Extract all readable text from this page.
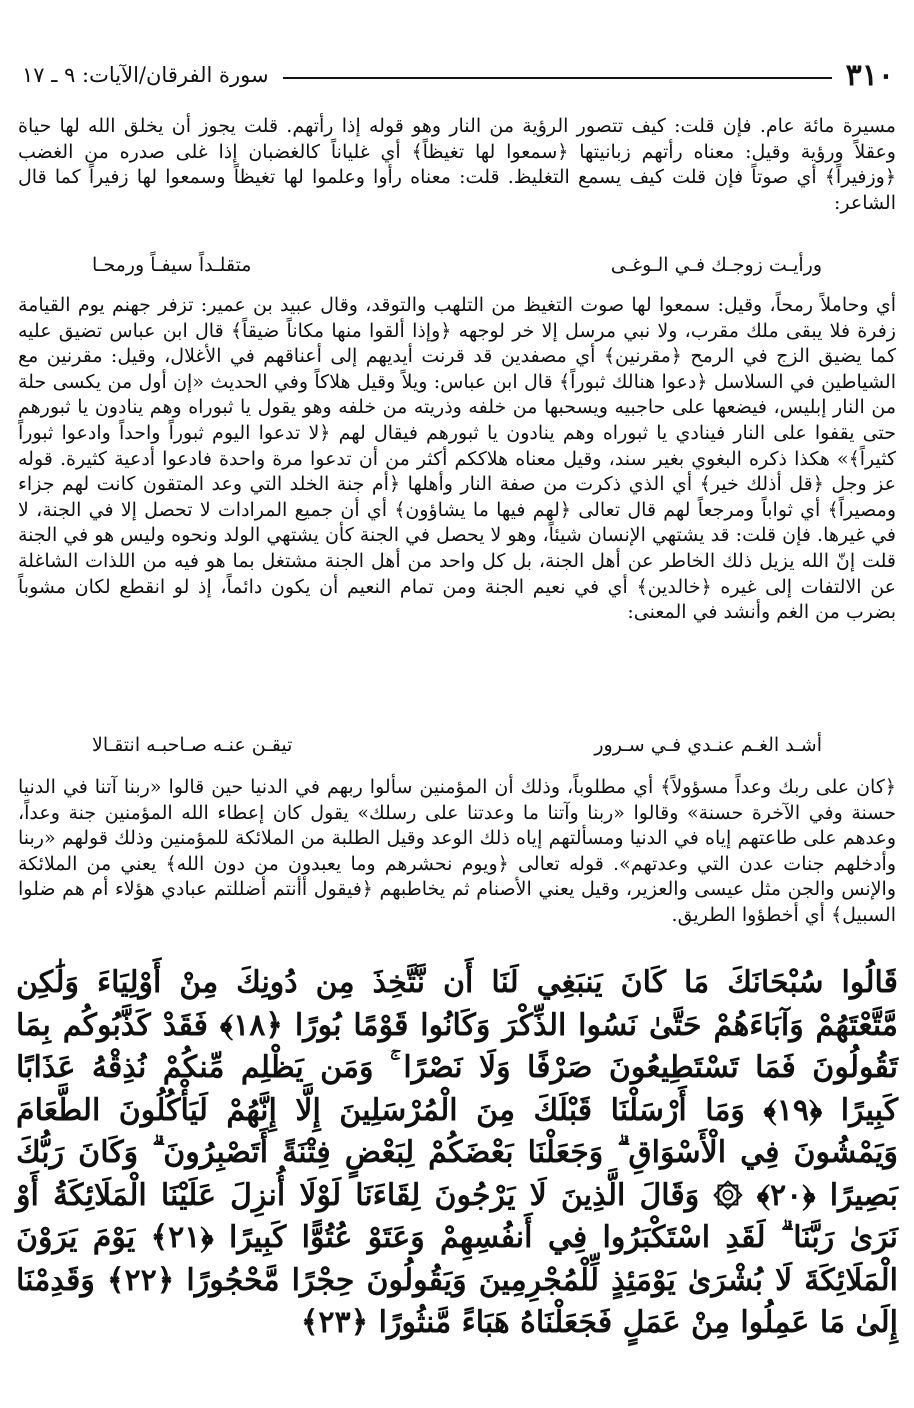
٣١٠
سورة الفرقان/الآيات: ٩ ـ ١٧

مسيرة مائة عام. فإن قلت: كيف تتصور الرؤية من النار وهو قوله إذا رأتهم. قلت يجوز أن يخلق الله لها حياة وعقلاً ورؤية وقيل: معناه رأتهم زبانيتها ﴿سمعوا لها تغيظاً﴾ أي غلياناً كالغضبان إذا غلى صدره من الغضب ﴿وزفيراً﴾ أي صوتاً فإن قلت كيف يسمع التغليظ. قلت: معناه رأوا وعلموا لها تغيظاً وسمعوا لها زفيراً كما قال الشاعر:

ورأيـت زوجـك فـي الـوغـى
متقلـداً سيفـاً ورمحـا

أي وحاملاً رمحاً، وقيل: سمعوا لها صوت التغيظ من التلهب والتوقد، وقال عبيد بن عمير: تزفر جهنم يوم القيامة زفرة فلا يبقى ملك مقرب، ولا نبي مرسل إلا خر لوجهه ﴿وإذا ألقوا منها مكاناً ضيقاً﴾ قال ابن عباس تضيق عليه كما يضيق الزج في الرمح ﴿مقرنين﴾ أي مصفدين قد قرنت أيديهم إلى أعناقهم في الأغلال، وقيل: مقرنين مع الشياطين في السلاسل ﴿دعوا هنالك ثبوراً﴾ قال ابن عباس: ويلاً وقيل هلاكاً وفي الحديث «إن أول من يكسى حلة من النار إبليس، فيضعها على حاجبيه ويسحبها من خلفه وذريته من خلفه وهو يقول يا ثبوراه وهم ينادون يا ثبورهم حتى يقفوا على النار فينادي يا ثبوراه وهم ينادون يا ثبورهم فيقال لهم ﴿لا تدعوا اليوم ثبوراً واحداً وادعوا ثبوراً كثيراً﴾» هكذا ذكره البغوي بغير سند، وقيل معناه هلاككم أكثر من أن تدعوا مرة واحدة فادعوا أدعية كثيرة. قوله عز وجل ﴿قل أذلك خير﴾ أي الذي ذكرت من صفة النار وأهلها ﴿أم جنة الخلد التي وعد المتقون كانت لهم جزاء ومصيراً﴾ أي ثواباً ومرجعاً لهم قال تعالى ﴿لهم فيها ما يشاؤون﴾ أي أن جميع المرادات لا تحصل إلا في الجنة، لا في غيرها. فإن قلت: قد يشتهي الإنسان شيئاً، وهو لا يحصل في الجنة كأن يشتهي الولد ونحوه وليس هو في الجنة قلت إنّ الله يزيل ذلك الخاطر عن أهل الجنة، بل كل واحد من أهل الجنة مشتغل بما هو فيه من اللذات الشاغلة عن الالتفات إلى غيره ﴿خالدين﴾ أي في نعيم الجنة ومن تمام النعيم أن يكون دائماً، إذ لو انقطع لكان مشوباً بضرب من الغم وأنشد في المعنى:

أشـد الغـم عنـدي فـي سـرور
تيقـن عنـه صـاحبـه انتقـالا

﴿كان على ربك وعداً مسؤولاً﴾ أي مطلوباً، وذلك أن المؤمنين سألوا ربهم في الدنيا حين قالوا «ربنا آتنا في الدنيا حسنة وفي الآخرة حسنة» وقالوا «ربنا وآتنا ما وعدتنا على رسلك» يقول كان إعطاء الله المؤمنين جنة وعداً، وعدهم على طاعتهم إياه في الدنيا ومسألتهم إياه ذلك الوعد وقيل الطلبة من الملائكة للمؤمنين وذلك قولهم «ربنا وأدخلهم جنات عدن التي وعدتهم». قوله تعالى ﴿ويوم نحشرهم وما يعبدون من دون الله﴾ يعني من الملائكة والإنس والجن مثل عيسى والعزير، وقيل يعني الأصنام ثم يخاطبهم ﴿فيقول أأنتم أضللتم عبادي هؤلاء أم هم ضلوا السبيل﴾ أي أخطؤوا الطريق.

قَالُوا سُبْحَانَكَ مَا كَانَ يَنبَغِي لَنَا أَن نَّتَّخِذَ مِن دُونِكَ مِنْ أَوْلِيَاءَ وَلَٰكِن مَّتَّعْتَهُمْ وَآبَاءَهُمْ حَتَّىٰ نَسُوا الذِّكْرَ وَكَانُوا قَوْمًا بُورًا ﴿١٨﴾ فَقَدْ كَذَّبُوكُم بِمَا تَقُولُونَ فَمَا تَسْتَطِيعُونَ صَرْفًا وَلَا نَصْرًا ۚ وَمَن يَظْلِم مِّنكُمْ نُذِقْهُ عَذَابًا كَبِيرًا ﴿١٩﴾ وَمَا أَرْسَلْنَا قَبْلَكَ مِنَ الْمُرْسَلِينَ إِلَّا إِنَّهُمْ لَيَأْكُلُونَ الطَّعَامَ وَيَمْشُونَ فِي الْأَسْوَاقِ ۗ وَجَعَلْنَا بَعْضَكُمْ لِبَعْضٍ فِتْنَةً أَتَصْبِرُونَ ۗ وَكَانَ رَبُّكَ بَصِيرًا ﴿٢٠﴾ ۞ وَقَالَ الَّذِينَ لَا يَرْجُونَ لِقَاءَنَا لَوْلَا أُنزِلَ عَلَيْنَا الْمَلَائِكَةُ أَوْ نَرَىٰ رَبَّنَا ۗ لَقَدِ اسْتَكْبَرُوا فِي أَنفُسِهِمْ وَعَتَوْ عُتُوًّا كَبِيرًا ﴿٢١﴾ يَوْمَ يَرَوْنَ الْمَلَائِكَةَ لَا بُشْرَىٰ يَوْمَئِذٍ لِّلْمُجْرِمِينَ وَيَقُولُونَ حِجْرًا مَّحْجُورًا ﴿٢٢﴾ وَقَدِمْنَا إِلَىٰ مَا عَمِلُوا مِنْ عَمَلٍ فَجَعَلْنَاهُ هَبَاءً مَّنثُورًا ﴿٢٣﴾
